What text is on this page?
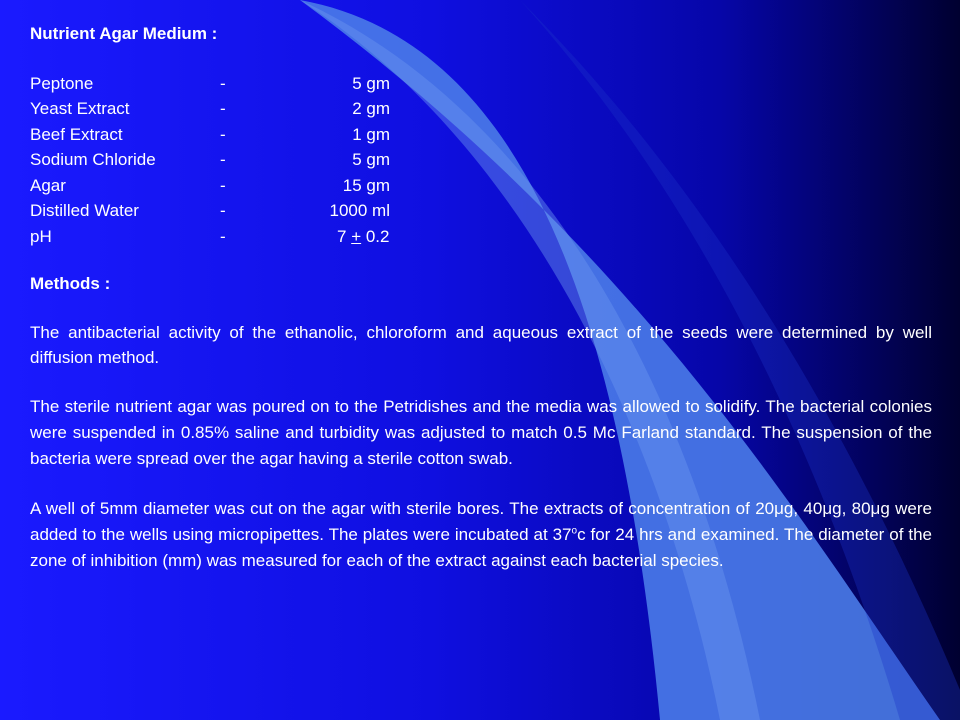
Nutrient Agar Medium :

Peptone	-	5 gm
Yeast Extract	-	2 gm
Beef Extract	-	1 gm
Sodium Chloride	-	5 gm
Agar	-	15 gm
Distilled Water	-	1000 ml
pH	-	7 + 0.2

Methods :

The antibacterial activity of the ethanolic, chloroform and aqueous extract of the seeds were determined by well diffusion method.

The sterile nutrient agar was poured on to the Petridishes and the media was allowed to solidify. The bacterial colonies were suspended in 0.85% saline and turbidity was adjusted to match 0.5 Mc Farland standard. The suspension of the bacteria were spread over the agar having a sterile cotton swab.

A well of 5mm diameter was cut on the agar with sterile bores. The extracts of concentration of 20μg, 40μg, 80μg were added to the wells using micropipettes. The plates were incubated at 37$^o$c for 24 hrs and examined. The diameter of the zone of inhibition (mm) was measured for each of the extract against each bacterial species.
